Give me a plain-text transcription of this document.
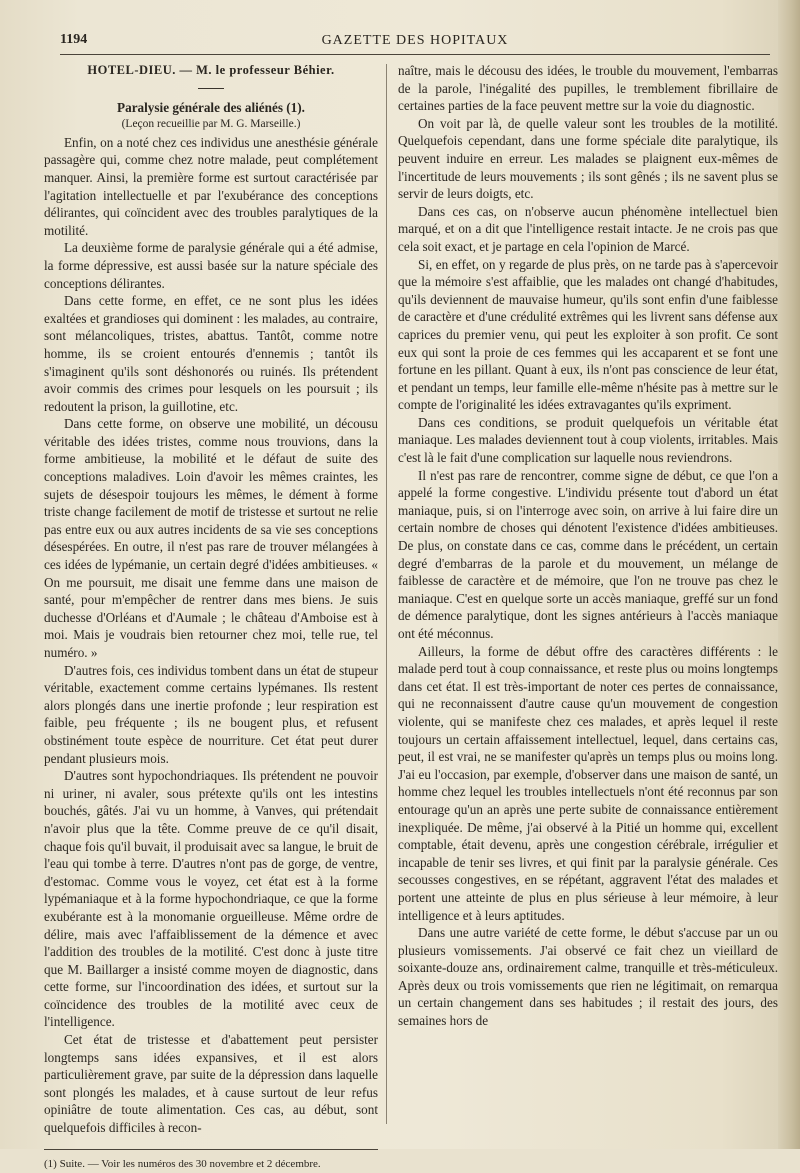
1194	GAZETTE DES HOPITAUX

HOTEL-DIEU. — M. le professeur Béhier.

Paralysie générale des aliénés (1).

(Leçon recueillie par M. G. Marseille.)

Enfin, on a noté chez ces individus une anesthésie générale passagère qui, comme chez notre malade, peut complétement manquer. Ainsi, la première forme est surtout caractérisée par l'agitation intellectuelle et par l'exubérance des conceptions délirantes, qui coïncident avec des troubles paralytiques de la motilité.

La deuxième forme de paralysie générale qui a été admise, la forme dépressive, est aussi basée sur la nature spéciale des conceptions délirantes.

Dans cette forme, en effet, ce ne sont plus les idées exaltées et grandioses qui dominent : les malades, au contraire, sont mélancoliques, tristes, abattus. Tantôt, comme notre homme, ils se croient entourés d'ennemis ; tantôt ils s'imaginent qu'ils sont déshonorés ou ruinés. Ils prétendent avoir commis des crimes pour lesquels on les poursuit ; ils redoutent la prison, la guillotine, etc.

Dans cette forme, on observe une mobilité, un décousu véritable des idées tristes, comme nous trouvions, dans la forme ambitieuse, la mobilité et le défaut de suite des conceptions maladives. Loin d'avoir les mêmes craintes, les sujets de désespoir toujours les mêmes, le dément à forme triste change facilement de motif de tristesse et surtout ne relie pas entre eux ou aux autres incidents de sa vie ses conceptions désespérées. En outre, il n'est pas rare de trouver mélangées à ces idées de lypémanie, un certain degré d'idées ambitieuses. « On me poursuit, me disait une femme dans une maison de santé, pour m'empêcher de rentrer dans mes biens. Je suis duchesse d'Orléans et d'Aumale ; le château d'Amboise est à moi. Mais je voudrais bien retourner chez moi, telle rue, tel numéro. »

D'autres fois, ces individus tombent dans un état de stupeur véritable, exactement comme certains lypémanes. Ils restent alors plongés dans une inertie profonde ; leur respiration est faible, peu fréquente ; ils ne bougent plus, et refusent obstinément toute espèce de nourriture. Cet état peut durer pendant plusieurs mois.

D'autres sont hypochondriaques. Ils prétendent ne pouvoir ni uriner, ni avaler, sous prétexte qu'ils ont les intestins bouchés, gâtés. J'ai vu un homme, à Vanves, qui prétendait n'avoir plus que la tête. Comme preuve de ce qu'il disait, chaque fois qu'il buvait, il produisait avec sa langue, le bruit de l'eau qui tombe à terre. D'autres n'ont pas de gorge, de ventre, d'estomac. Comme vous le voyez, cet état est à la forme lypémaniaque et à la forme hypochondriaque, ce que la forme exubérante est à la monomanie orgueilleuse. Même ordre de délire, mais avec l'affaiblissement de la démence et avec l'addition des troubles de la motilité. C'est donc à juste titre que M. Baillarger a insisté comme moyen de diagnostic, dans cette forme, sur l'incoordination des idées, et surtout sur la coïncidence des troubles de la motilité avec ceux de l'intelligence.

Cet état de tristesse et d'abattement peut persister longtemps sans idées expansives, et il est alors particulièrement grave, par suite de la dépression dans laquelle sont plongés les malades, et à cause surtout de leur refus opiniâtre de toute alimentation. Ces cas, au début, sont quelquefois difficiles à recon-

(1) Suite. — Voir les numéros des 30 novembre et 2 décembre.

naître, mais le décousu des idées, le trouble du mouvement, l'embarras de la parole, l'inégalité des pupilles, le tremblement fibrillaire de certaines parties de la face peuvent mettre sur la voie du diagnostic.

On voit par là, de quelle valeur sont les troubles de la motilité. Quelquefois cependant, dans une forme spéciale dite paralytique, ils peuvent induire en erreur. Les malades se plaignent eux-mêmes de l'incertitude de leurs mouvements ; ils sont gênés ; ils ne savent plus se servir de leurs doigts, etc.

Dans ces cas, on n'observe aucun phénomène intellectuel bien marqué, et on a dit que l'intelligence restait intacte. Je ne crois pas que cela soit exact, et je partage en cela l'opinion de Marcé.

Si, en effet, on y regarde de plus près, on ne tarde pas à s'apercevoir que la mémoire s'est affaiblie, que les malades ont changé d'habitudes, qu'ils deviennent de mauvaise humeur, qu'ils sont enfin d'une faiblesse de caractère et d'une crédulité extrêmes qui les livrent sans défense aux caprices du premier venu, qui peut les exploiter à son profit. Ce sont eux qui sont la proie de ces femmes qui les accaparent et se font une fortune en les pillant. Quant à eux, ils n'ont pas conscience de leur état, et pendant un temps, leur famille elle-même n'hésite pas à mettre sur le compte de l'originalité les idées extravagantes qu'ils expriment.

Dans ces conditions, se produit quelquefois un véritable état maniaque. Les malades deviennent tout à coup violents, irritables. Mais c'est là le fait d'une complication sur laquelle nous reviendrons.

Il n'est pas rare de rencontrer, comme signe de début, ce que l'on a appelé la forme congestive. L'individu présente tout d'abord un état maniaque, puis, si on l'interroge avec soin, on arrive à lui faire dire un certain nombre de choses qui dénotent l'existence d'idées ambitieuses. De plus, on constate dans ce cas, comme dans le précédent, un certain degré d'embarras de la parole et du mouvement, un mélange de faiblesse de caractère et de mémoire, que l'on ne trouve pas chez le maniaque. C'est en quelque sorte un accès maniaque, greffé sur un fond de démence paralytique, dont les signes antérieurs à l'accès maniaque ont été méconnus.

Ailleurs, la forme de début offre des caractères différents : le malade perd tout à coup connaissance, et reste plus ou moins longtemps dans cet état. Il est très-important de noter ces pertes de connaissance, qui ne reconnaissent d'autre cause qu'un mouvement de congestion violente, qui se manifeste chez ces malades, et après lequel il reste toujours un certain affaissement intellectuel, lequel, dans certains cas, peut, il est vrai, ne se manifester qu'après un temps plus ou moins long. J'ai eu l'occasion, par exemple, d'observer dans une maison de santé, un homme chez lequel les troubles intellectuels n'ont été reconnus par son entourage qu'un an après une perte subite de connaissance entièrement inexpliquée. De même, j'ai observé à la Pitié un homme qui, excellent comptable, était devenu, après une congestion cérébrale, irrégulier et incapable de tenir ses livres, et qui finit par la paralysie générale. Ces secousses congestives, en se répétant, aggravent l'état des malades et portent une atteinte de plus en plus sérieuse à leur mémoire, à leur intelligence et à leurs aptitudes.

Dans une autre variété de cette forme, le début s'accuse par un ou plusieurs vomissements. J'ai observé ce fait chez un vieillard de soixante-douze ans, ordinairement calme, tranquille et très-méticuleux. Après deux ou trois vomissements que rien ne légitimait, on remarqua un certain changement dans ses habitudes ; il restait des jours, des semaines hors de
